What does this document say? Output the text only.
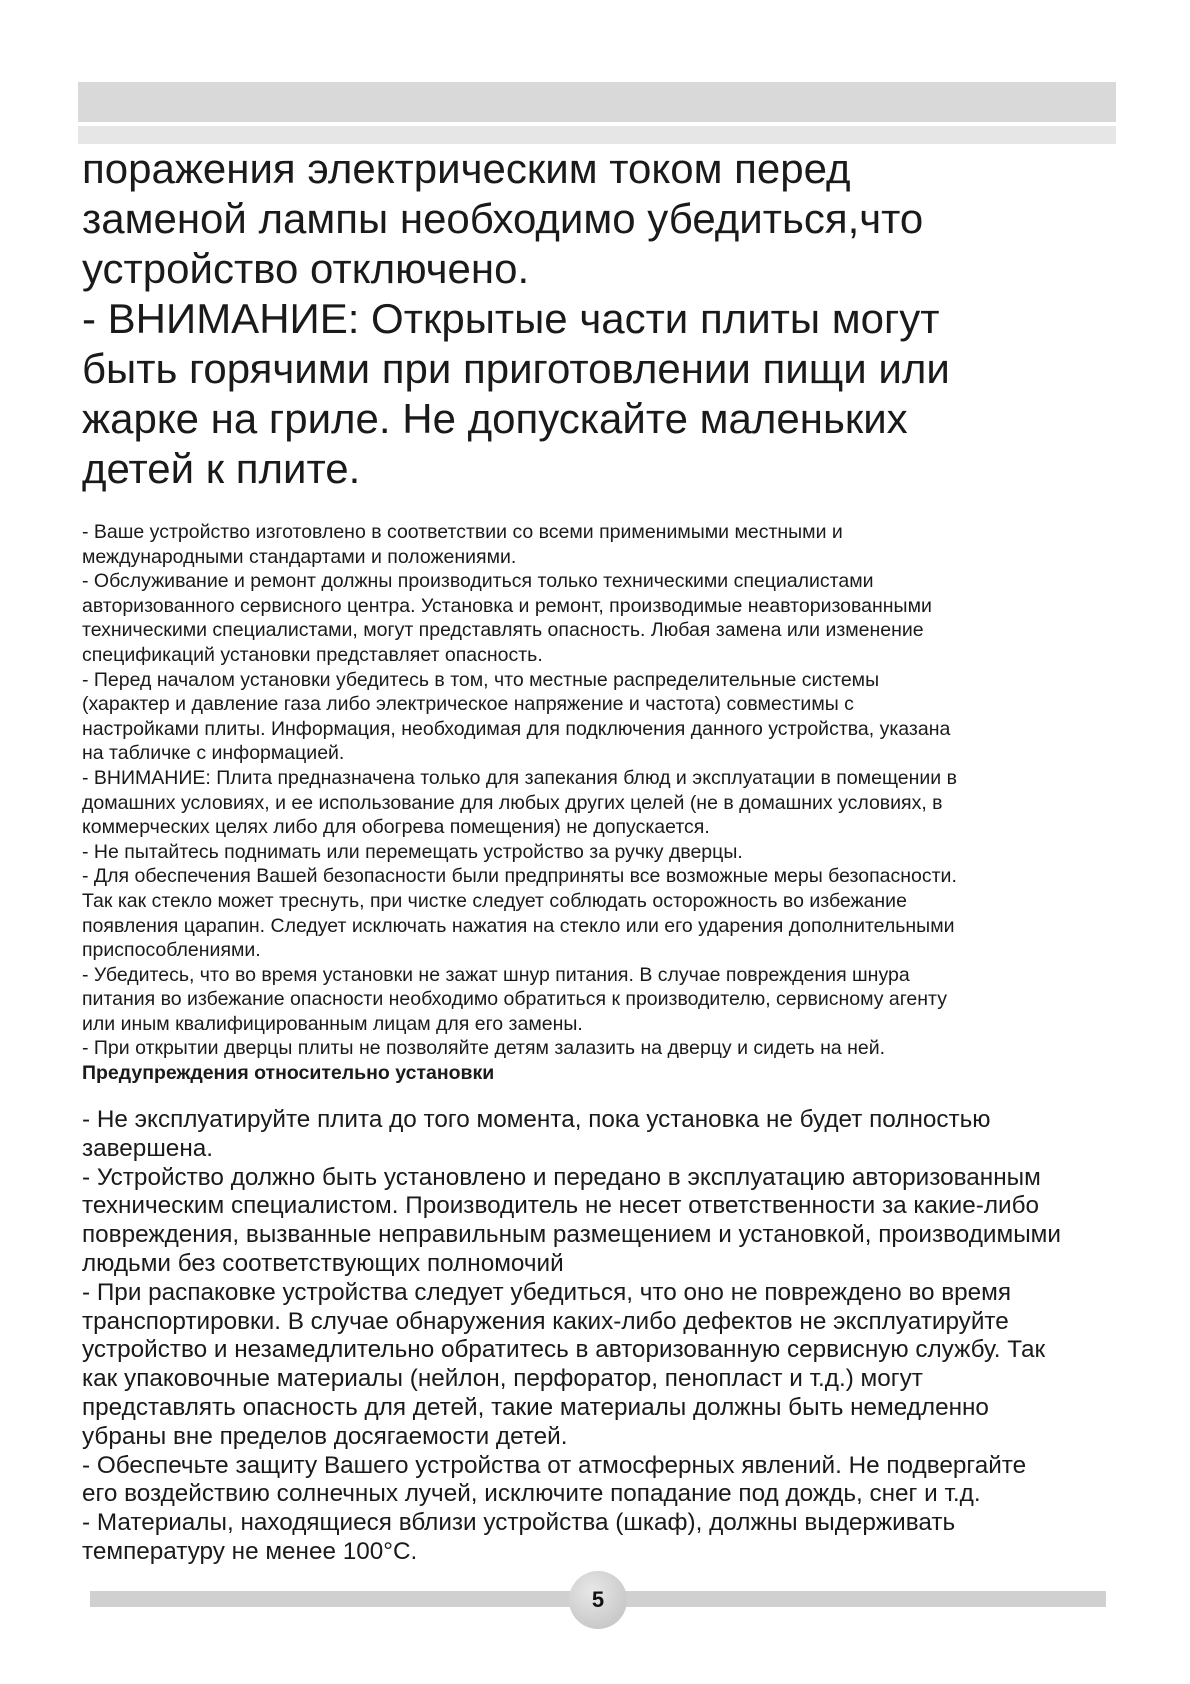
поражения электрическим током перед

заменой лампы необходимо убедиться,что

устройство отключено.

- ВНИМАНИЕ: Открытые части плиты могут

быть горячими при приготовлении пищи или

жарке на гриле. Не допускайте маленьких

детей к плите.

- Ваше устройство изготовлено в соответствии со всеми применимыми местными и

международными стандартами и положениями.

- Обслуживание и ремонт должны производиться только техническими специалистами

авторизованного сервисного центра. Установка и ремонт, производимые неавторизованными

техническими специалистами, могут представлять опасность. Любая замена или изменение

спецификаций установки представляет опасность.

- Перед началом установки убедитесь в том, что местные распределительные системы

(характер и давление газа либо электрическое напряжение и частота) совместимы с

настройками плиты. Информация, необходимая для подключения данного устройства, указана

на табличке с информацией.

- ВНИМАНИЕ: Плита предназначена только для запекания блюд и эксплуатации в помещении в

домашних условиях, и ее использование для любых других целей (не в домашних условиях, в

коммерческих целях либо для обогрева помещения) не допускается.

- Не пытайтесь поднимать или перемещать устройство за ручку дверцы.

- Для обеспечения Вашей безопасности были предприняты все возможные меры безопасности.

Так как стекло может треснуть, при чистке следует соблюдать осторожность во избежание

появления царапин. Следует исключать нажатия на стекло или его ударения дополнительными

приспособлениями.

- Убедитесь, что во время установки не зажат шнур питания. В случае повреждения шнура

питания во избежание опасности необходимо обратиться к производителю, сервисному агенту

или иным квалифицированным лицам для его замены.

- При открытии дверцы плиты не позволяйте детям залазить на дверцу и сидеть на ней.

Предупреждения относительно установки

- Не эксплуатируйте плита до того момента, пока установка не будет полностью

завершена.

- Устройство должно быть установлено и передано в эксплуатацию авторизованным

техническим специалистом. Производитель не несет ответственности за какие-либо

повреждения, вызванные неправильным размещением и установкой, производимыми

людьми без соответствующих полномочий

- При распаковке устройства следует убедиться, что оно не повреждено во время

транспортировки. В случае обнаружения каких-либо дефектов не эксплуатируйте

устройство и незамедлительно обратитесь в авторизованную сервисную службу. Так

как упаковочные материалы (нейлон, перфоратор, пенопласт и т.д.) могут

представлять опасность для детей, такие материалы должны быть немедленно

убраны вне пределов досягаемости детей.

- Обеспечьте защиту Вашего устройства от атмосферных явлений. Не подвергайте

его воздействию солнечных лучей, исключите попадание под дождь, снег и т.д.

- Материалы, находящиеся вблизи устройства (шкаф), должны выдерживать

температуру не менее 100°С.

5
